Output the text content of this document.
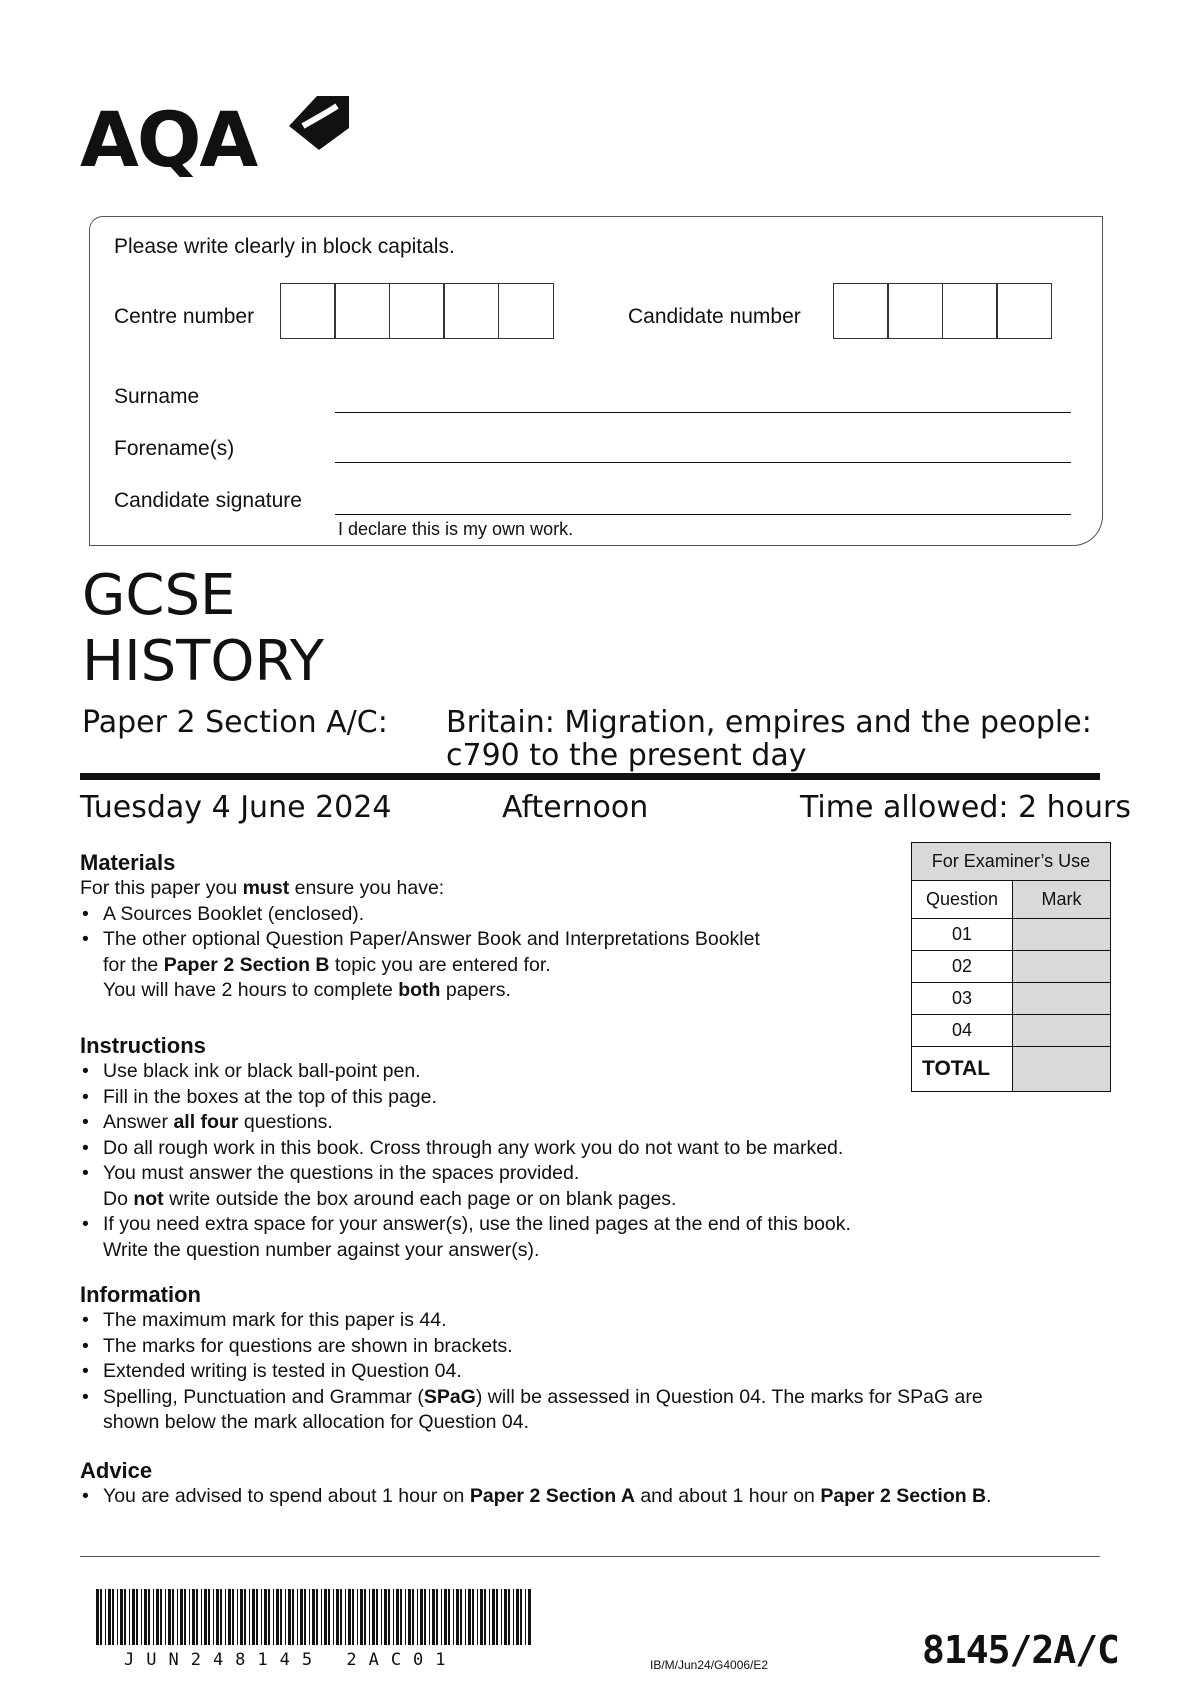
AQA
Please write clearly in block capitals.
Centre number	Candidate number
Surname
Forename(s)
Candidate signature
I declare this is my own work.
GCSE
HISTORY
Paper 2 Section A/C: Britain: Migration, empires and the people:
c790 to the present day
Tuesday 4 June 2024	Afternoon	Time allowed: 2 hours
For Examiner’s Use	
Question	Mark
01	
02	
03	
04	
TOTAL	
Materials
For this paper you must ensure you have:
• A Sources Booklet (enclosed).
• The other optional Question Paper/Answer Book and Interpretations Booklet
for the Paper 2 Section B topic you are entered for.
You will have 2 hours to complete both papers.
Instructions
• Use black ink or black ball-point pen.
• Fill in the boxes at the top of this page.
• Answer all four questions.
• Do all rough work in this book. Cross through any work you do not want to be marked.
• You must answer the questions in the spaces provided.
Do not write outside the box around each page or on blank pages.
• If you need extra space for your answer(s), use the lined pages at the end of this book.
Write the question number against your answer(s).
Information
• The maximum mark for this paper is 44.
• The marks for questions are shown in brackets.
• Extended writing is tested in Question 04.
• Spelling, Punctuation and Grammar (SPaG) will be assessed in Question 04. The marks for SPaG are
shown below the mark allocation for Question 04.
Advice
• You are advised to spend about 1 hour on Paper 2 Section A and about 1 hour on Paper 2 Section B.
JUN248145 2AC01	IB/M/Jun24/G4006/E2	8145/2A/C
